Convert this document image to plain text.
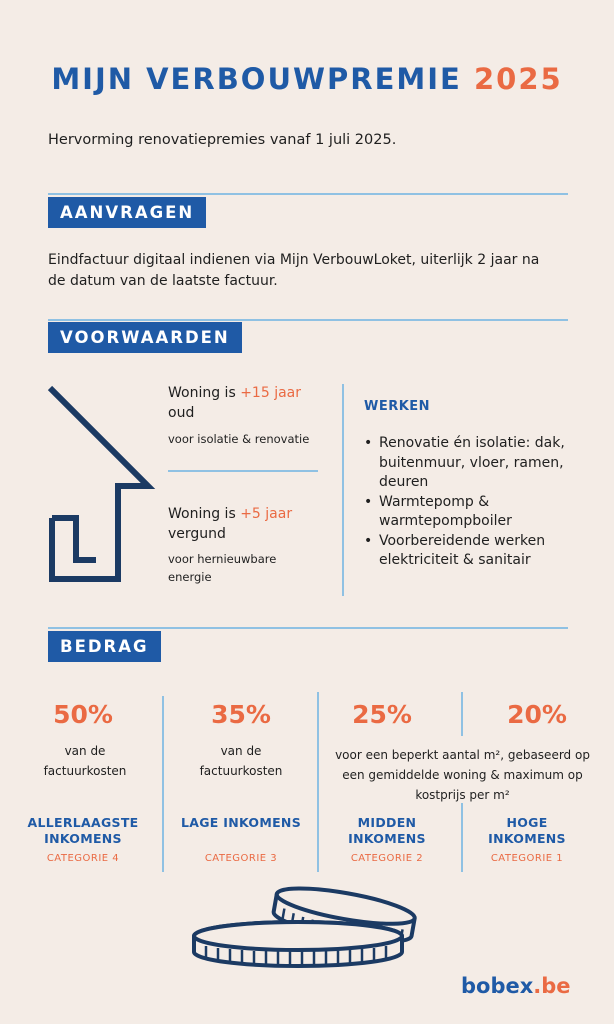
MIJN VERBOUWPREMIE 2025
Hervorming renovatiepremies vanaf 1 juli 2025.
AANVRAGEN
Eindfactuur digitaal indienen via Mijn VerbouwLoket, uiterlijk 2 jaar na de datum van de laatste factuur.
VOORWAARDEN
Woning is +15 jaar
oud
voor isolatie & renovatie
Woning is +5 jaar
vergund
voor hernieuwbare energie
WERKEN
• Renovatie én isolatie: dak, buitenmuur, vloer, ramen, deuren
• Warmtepomp & warmtepompboiler
• Voorbereidende werken elektriciteit & sanitair
BEDRAG
50%
van de factuurkosten
ALLERLAAGSTE INKOMENS
CATEGORIE 4
35%
van de factuurkosten
LAGE INKOMENS
CATEGORIE 3
25%
voor een beperkt aantal m², gebaseerd op een gemiddelde woning & maximum op kostprijs per m²
MIDDEN INKOMENS
CATEGORIE 2
20%
HOGE INKOMENS
CATEGORIE 1
bobex.be
